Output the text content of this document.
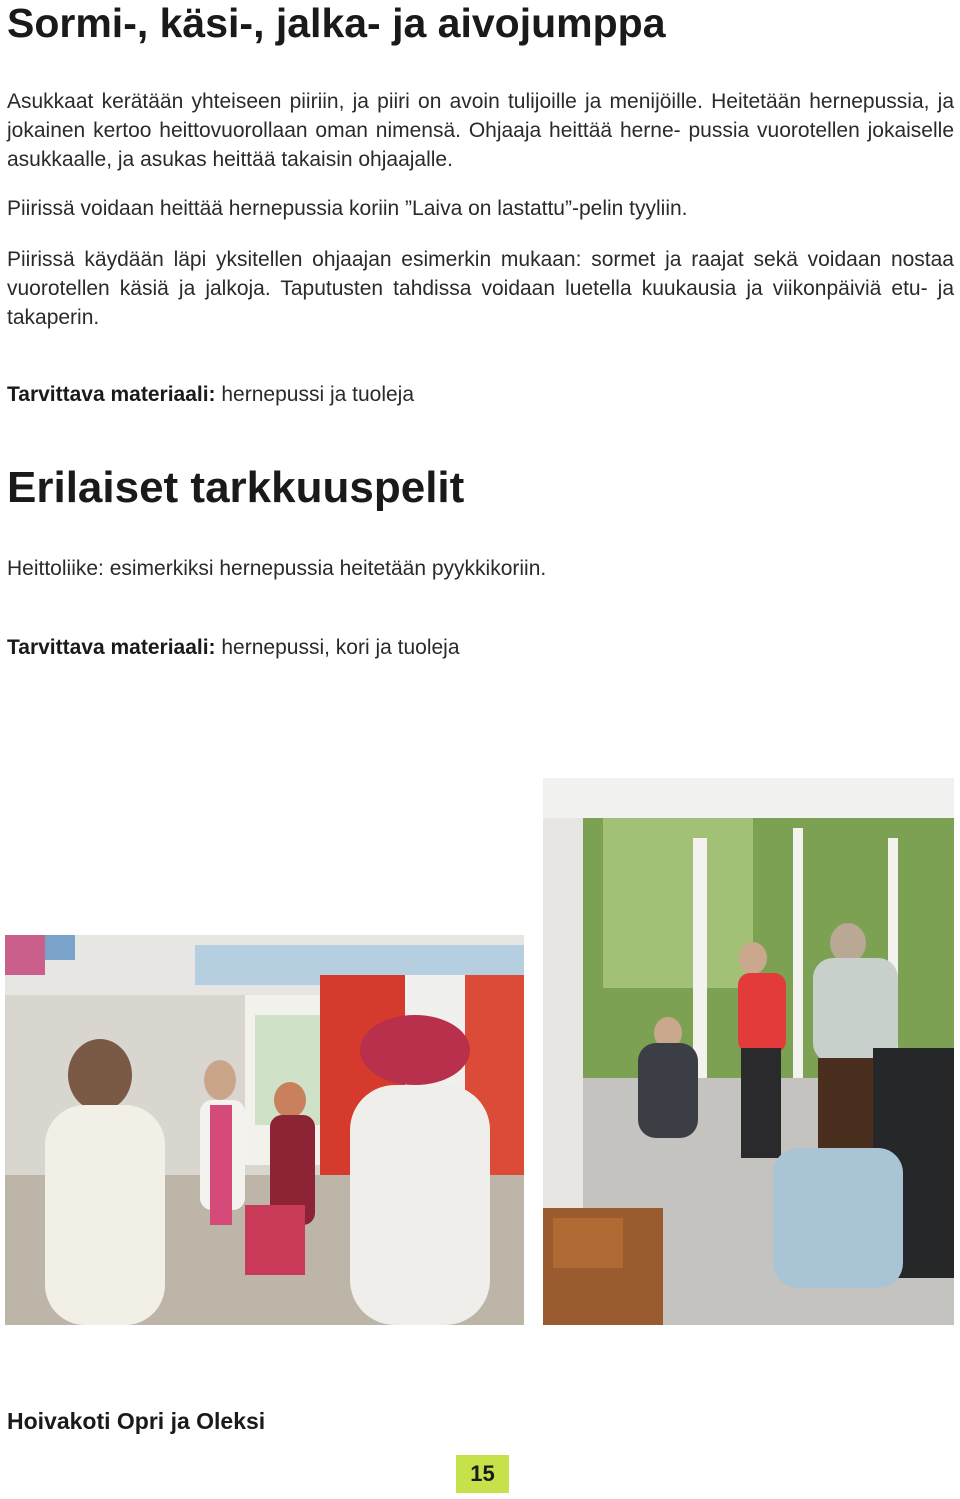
Sormi-, käsi-, jalka- ja aivojumppa

Asukkaat kerätään yhteiseen piiriin, ja piiri on avoin tulijoille ja menijöille. Heitetään hernepussia, ja jokainen kertoo heittovuorollaan oman nimensä. Ohjaaja heittää herne- pussia vuorotellen jokaiselle asukkaalle, ja asukas heittää takaisin ohjaajalle.

Piirissä voidaan heittää hernepussia koriin ”Laiva on lastattu”-pelin tyyliin.

Piirissä käydään läpi yksitellen ohjaajan esimerkin mukaan: sormet ja raajat sekä voidaan nostaa vuorotellen käsiä ja jalkoja. Taputusten tahdissa voidaan luetella kuukausia ja viikonpäiviä etu- ja takaperin.

Tarvittava materiaali: hernepussi ja tuoleja

Erilaiset tarkkuuspelit

Heittoliike: esimerkiksi hernepussia heitetään pyykkikoriin.

Tarvittava materiaali: hernepussi, kori ja tuoleja

Hoivakoti Opri ja Oleksi

15
